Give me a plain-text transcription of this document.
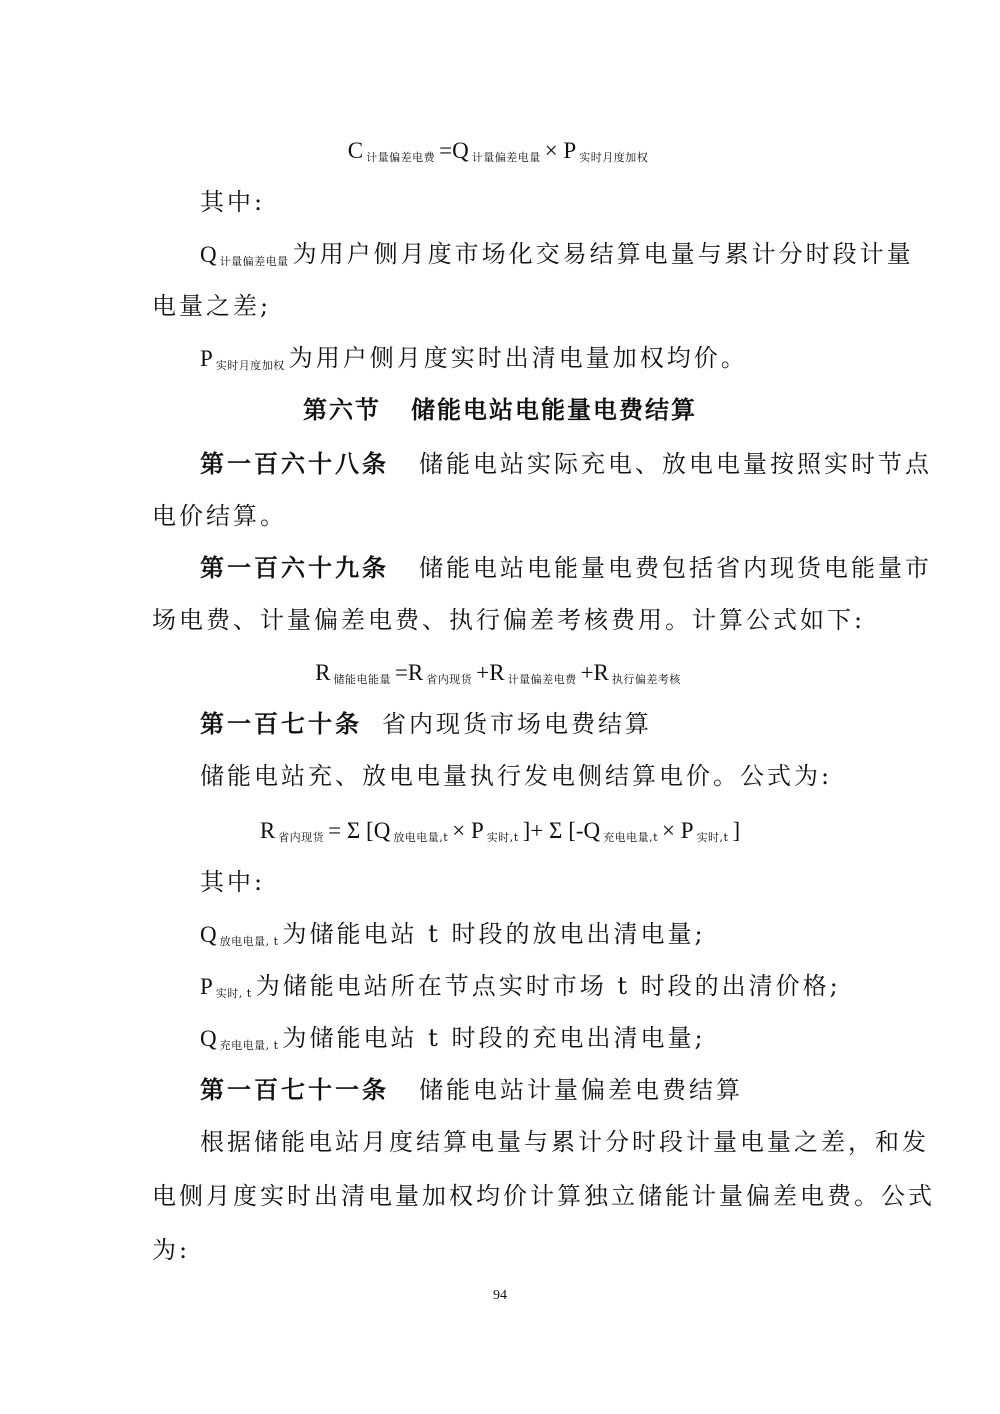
C计量偏差电费 =Q 计量偏差电量 × P 实时月度加权
其中:
Q计量偏差电量 为用户侧月度市场化交易结算电量与累计分时段计量
电量之差;
P实时月度加权 为用户侧月度实时出清电量加权均价。
第六节 储能电站电能量电费结算
第一百六十八条 储能电站实际充电、放电电量按照实时节点
电价结算。
第一百六十九条 储能电站电能量电费包括省内现货电能量市
场电费、计量偏差电费、执行偏差考核费用。计算公式如下:
R储能电能量 =R 省内现货 +R 计量偏差电费 +R 执行偏差考核
第一百七十条 省内现货市场电费结算
储能电站充、放电电量执行发电侧结算电价。公式为:
R省内现货 = Σ [Q 放电电量,t × P 实时,t ]+ Σ [-Q 充电电量,t × P 实时,t ]
其中:
Q放电电量, t 为储能电站 t 时段的放电出清电量;
P实时, t 为储能电站所在节点实时市场 t 时段的出清价格;
Q充电电量, t 为储能电站 t 时段的充电出清电量;
第一百七十一条 储能电站计量偏差电费结算
根据储能电站月度结算电量与累计分时段计量电量之差，和发
电侧月度实时出清电量加权均价计算独立储能计量偏差电费。公式
为:
94
